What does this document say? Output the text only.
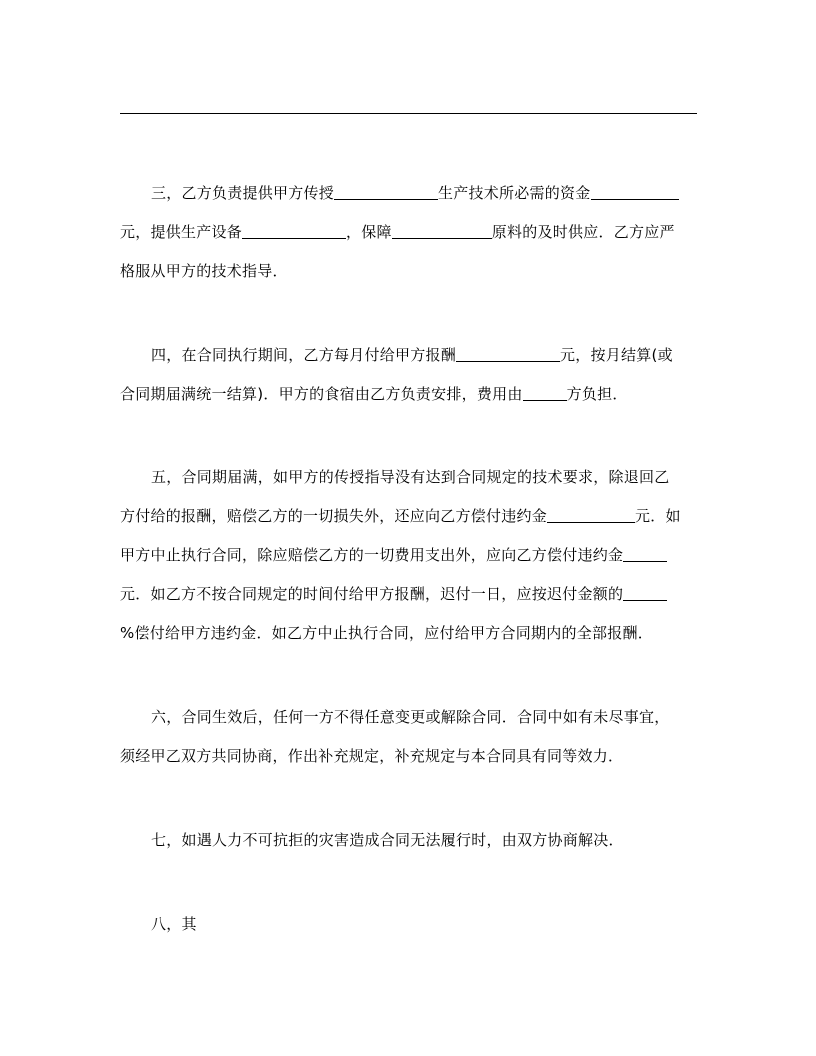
三，乙方负责提供甲方传授	生产技术所必需的资金
元，提供生产设备	，保障	原料的及时供应．乙方应严
格服从甲方的技术指导．
四，在合同执行期间，乙方每月付给甲方报酬	元，按月结算(或
合同期届满统一结算)．甲方的食宿由乙方负责安排，费用由	方负担．
五，合同期届满，如甲方的传授指导没有达到合同规定的技术要求，除退回乙
方付给的报酬，赔偿乙方的一切损失外，还应向乙方偿付违约金	元．如
甲方中止执行合同，除应赔偿乙方的一切费用支出外，应向乙方偿付违约金
元．如乙方不按合同规定的时间付给甲方报酬，迟付一日，应按迟付金额的
%偿付给甲方违约金．如乙方中止执行合同，应付给甲方合同期内的全部报酬．
六，合同生效后，任何一方不得任意变更或解除合同．合同中如有未尽事宜，
须经甲乙双方共同协商，作出补充规定，补充规定与本合同具有同等效力．
七，如遇人力不可抗拒的灾害造成合同无法履行时，由双方协商解决．
八，其
